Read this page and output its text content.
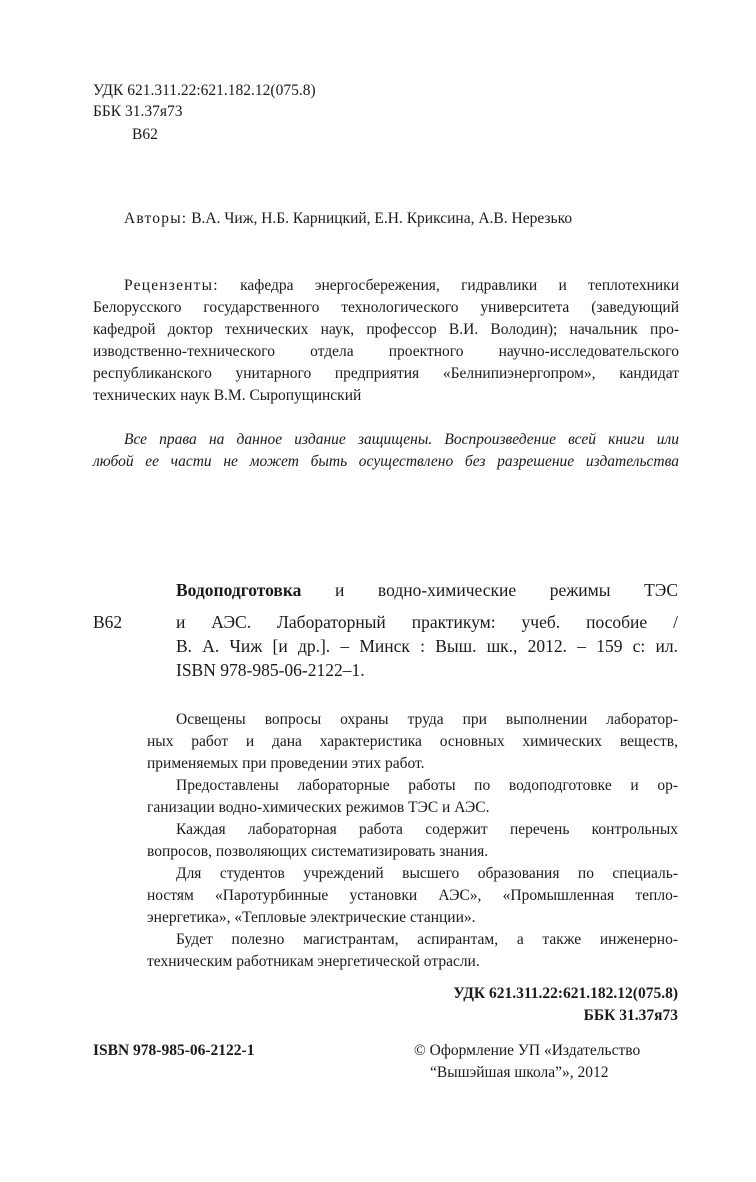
УДК 621.311.22:621.182.12(075.8)
ББК 31.37я73
В62
Авторы: В.А. Чиж, Н.Б. Карницкий, Е.Н. Криксина, А.В. Нерезько
Рецензенты: кафедра энергосбережения, гидравлики и теплотехники
Белорусского государственного технологического университета (заведующий
кафедрой доктор технических наук, профессор В.И. Володин); начальник про-
изводственно-технического отдела проектного научно-исследовательского
республиканского унитарного предприятия «Белнипиэнергопром», кандидат
технических наук В.М. Сыропущинский
Все права на данное издание защищены. Воспроизведение всей книги или
любой ее части не может быть осуществлено без разрешение издательства
Водоподготовка и водно-химические режимы ТЭС
В62	и АЭС. Лабораторный практикум: учеб. пособие /
В. А. Чиж [и др.]. – Минск : Выш. шк., 2012. – 159 с: ил.
ISBN 978-985-06-2122–1.
Освещены вопросы охраны труда при выполнении лаборатор-
ных работ и дана характеристика основных химических веществ,
применяемых при проведении этих работ.
Предоставлены лабораторные работы по водоподготовке и ор-
ганизации водно-химических режимов ТЭС и АЭС.
Каждая лабораторная работа содержит перечень контрольных
вопросов, позволяющих систематизировать знания.
Для студентов учреждений высшего образования по специаль-
ностям «Паротурбинные установки АЭС», «Промышленная тепло-
энергетика», «Тепловые электрические станции».
Будет полезно магистрантам, аспирантам, а также инженерно-
техническим работникам энергетической отрасли.
УДК 621.311.22:621.182.12(075.8)
ББК 31.37я73
ISBN 978-985-06-2122-1	© Оформление УП «Издательство
“Вышэйшая школа”», 2012
